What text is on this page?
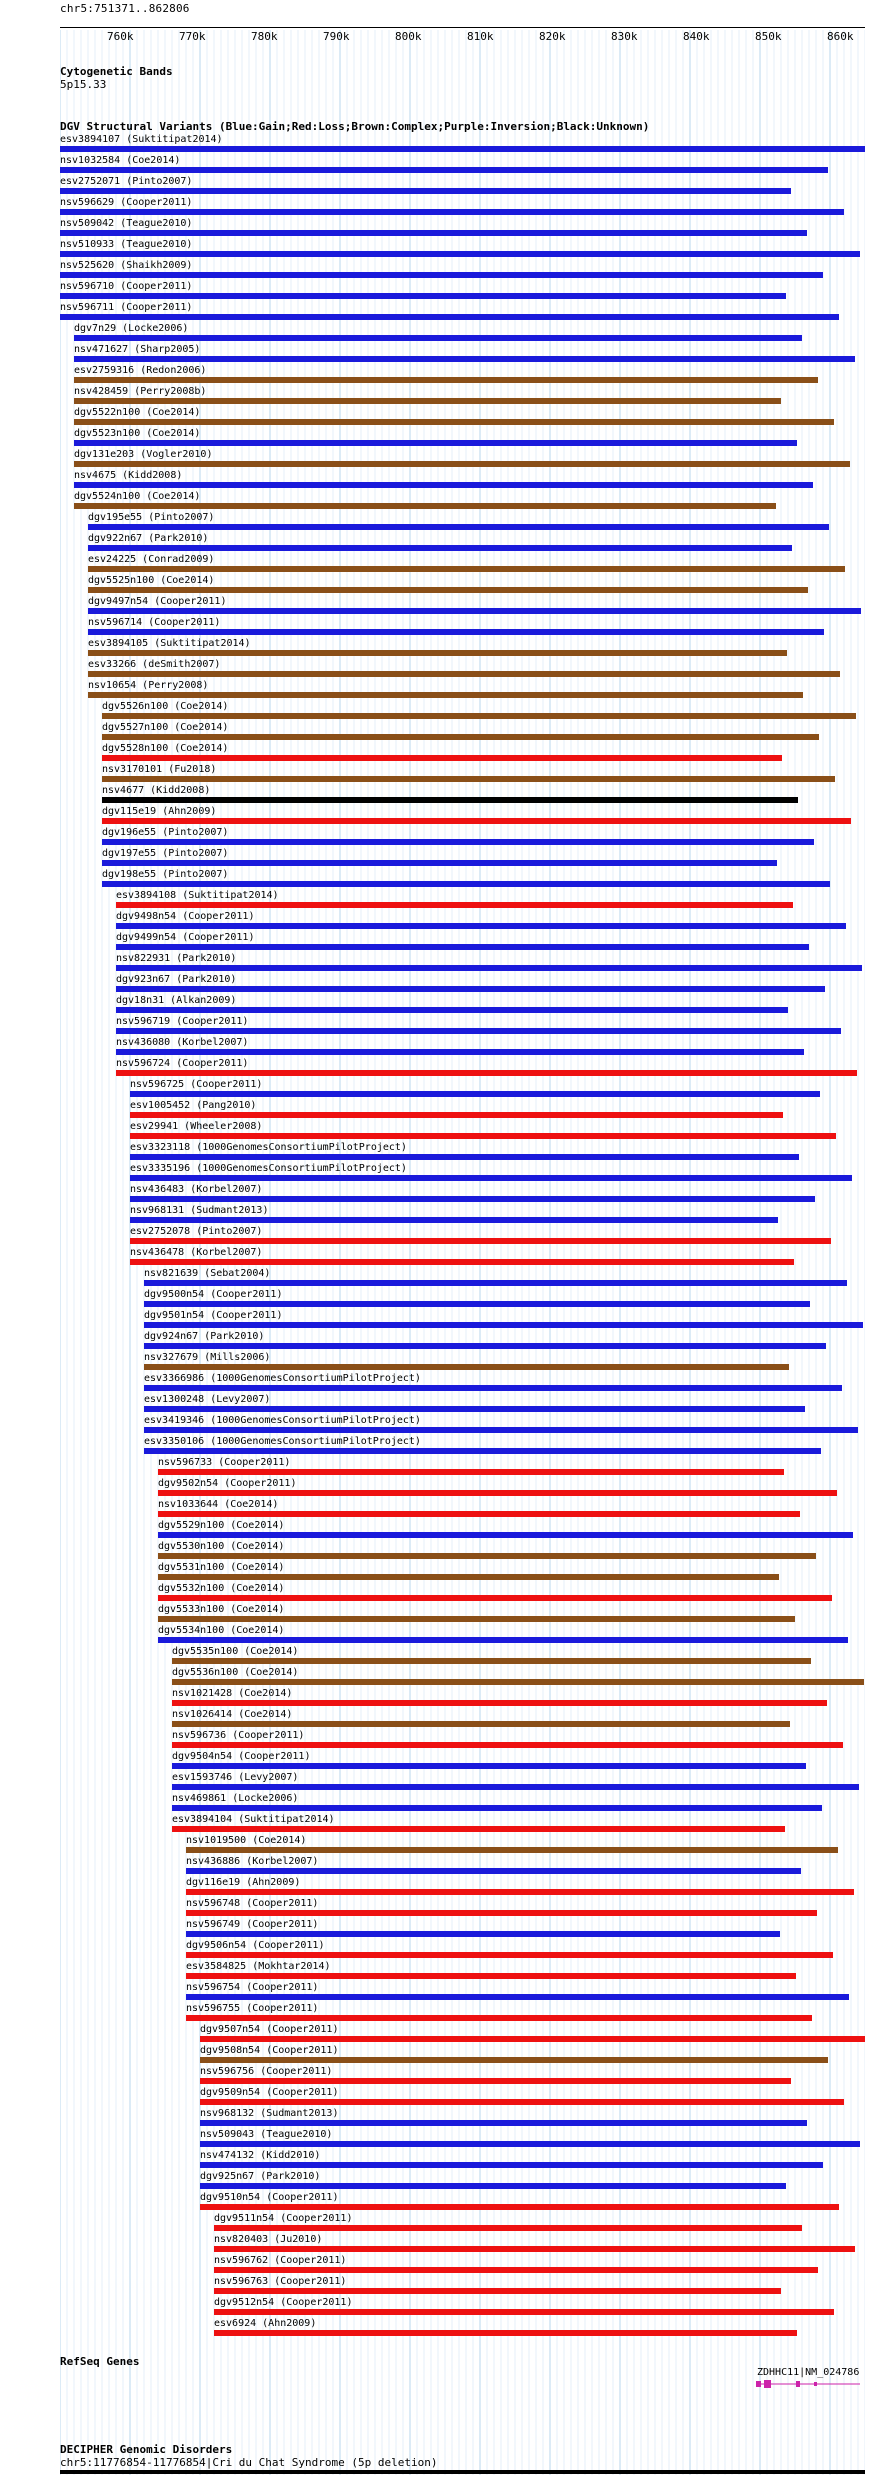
chr5:751371..862806
760k	770k	780k	790k	800k	810k	820k	830k	840k	850k	860k
Cytogenetic Bands
5p15.33
DGV Structural Variants (Blue:Gain;Red:Loss;Brown:Complex;Purple:Inversion;Black:Unknown)
esv3894107 (Suktitipat2014)
nsv1032584 (Coe2014)
esv2752071 (Pinto2007)
nsv596629 (Cooper2011)
nsv509042 (Teague2010)
nsv510933 (Teague2010)
nsv525620 (Shaikh2009)
nsv596710 (Cooper2011)
nsv596711 (Cooper2011)
dgv7n29 (Locke2006)
nsv471627 (Sharp2005)
esv2759316 (Redon2006)
nsv428459 (Perry2008b)
dgv5522n100 (Coe2014)
dgv5523n100 (Coe2014)
dgv131e203 (Vogler2010)
nsv4675 (Kidd2008)
dgv5524n100 (Coe2014)
dgv195e55 (Pinto2007)
dgv922n67 (Park2010)
esv24225 (Conrad2009)
dgv5525n100 (Coe2014)
dgv9497n54 (Cooper2011)
nsv596714 (Cooper2011)
esv3894105 (Suktitipat2014)
esv33266 (deSmith2007)
nsv10654 (Perry2008)
dgv5526n100 (Coe2014)
dgv5527n100 (Coe2014)
dgv5528n100 (Coe2014)
nsv3170101 (Fu2018)
nsv4677 (Kidd2008)
dgv115e19 (Ahn2009)
dgv196e55 (Pinto2007)
dgv197e55 (Pinto2007)
dgv198e55 (Pinto2007)
esv3894108 (Suktitipat2014)
dgv9498n54 (Cooper2011)
dgv9499n54 (Cooper2011)
nsv822931 (Park2010)
dgv923n67 (Park2010)
dgv18n31 (Alkan2009)
nsv596719 (Cooper2011)
nsv436080 (Korbel2007)
nsv596724 (Cooper2011)
nsv596725 (Cooper2011)
esv1005452 (Pang2010)
esv29941 (Wheeler2008)
esv3323118 (1000GenomesConsortiumPilotProject)
esv3335196 (1000GenomesConsortiumPilotProject)
nsv436483 (Korbel2007)
nsv968131 (Sudmant2013)
esv2752078 (Pinto2007)
nsv436478 (Korbel2007)
nsv821639 (Sebat2004)
dgv9500n54 (Cooper2011)
dgv9501n54 (Cooper2011)
dgv924n67 (Park2010)
nsv327679 (Mills2006)
esv3366986 (1000GenomesConsortiumPilotProject)
esv1300248 (Levy2007)
esv3419346 (1000GenomesConsortiumPilotProject)
esv3350106 (1000GenomesConsortiumPilotProject)
nsv596733 (Cooper2011)
dgv9502n54 (Cooper2011)
nsv1033644 (Coe2014)
dgv5529n100 (Coe2014)
dgv5530n100 (Coe2014)
dgv5531n100 (Coe2014)
dgv5532n100 (Coe2014)
dgv5533n100 (Coe2014)
dgv5534n100 (Coe2014)
dgv5535n100 (Coe2014)
dgv5536n100 (Coe2014)
nsv1021428 (Coe2014)
nsv1026414 (Coe2014)
nsv596736 (Cooper2011)
dgv9504n54 (Cooper2011)
esv1593746 (Levy2007)
nsv469861 (Locke2006)
esv3894104 (Suktitipat2014)
nsv1019500 (Coe2014)
nsv436886 (Korbel2007)
dgv116e19 (Ahn2009)
nsv596748 (Cooper2011)
nsv596749 (Cooper2011)
dgv9506n54 (Cooper2011)
esv3584825 (Mokhtar2014)
nsv596754 (Cooper2011)
nsv596755 (Cooper2011)
dgv9507n54 (Cooper2011)
dgv9508n54 (Cooper2011)
nsv596756 (Cooper2011)
dgv9509n54 (Cooper2011)
nsv968132 (Sudmant2013)
nsv509043 (Teague2010)
nsv474132 (Kidd2010)
dgv925n67 (Park2010)
dgv9510n54 (Cooper2011)
dgv9511n54 (Cooper2011)
nsv820403 (Ju2010)
nsv596762 (Cooper2011)
nsv596763 (Cooper2011)
dgv9512n54 (Cooper2011)
esv6924 (Ahn2009)
RefSeq Genes
ZDHHC11|NM_024786
DECIPHER Genomic Disorders
chr5:11776854-11776854|Cri du Chat Syndrome (5p deletion)
